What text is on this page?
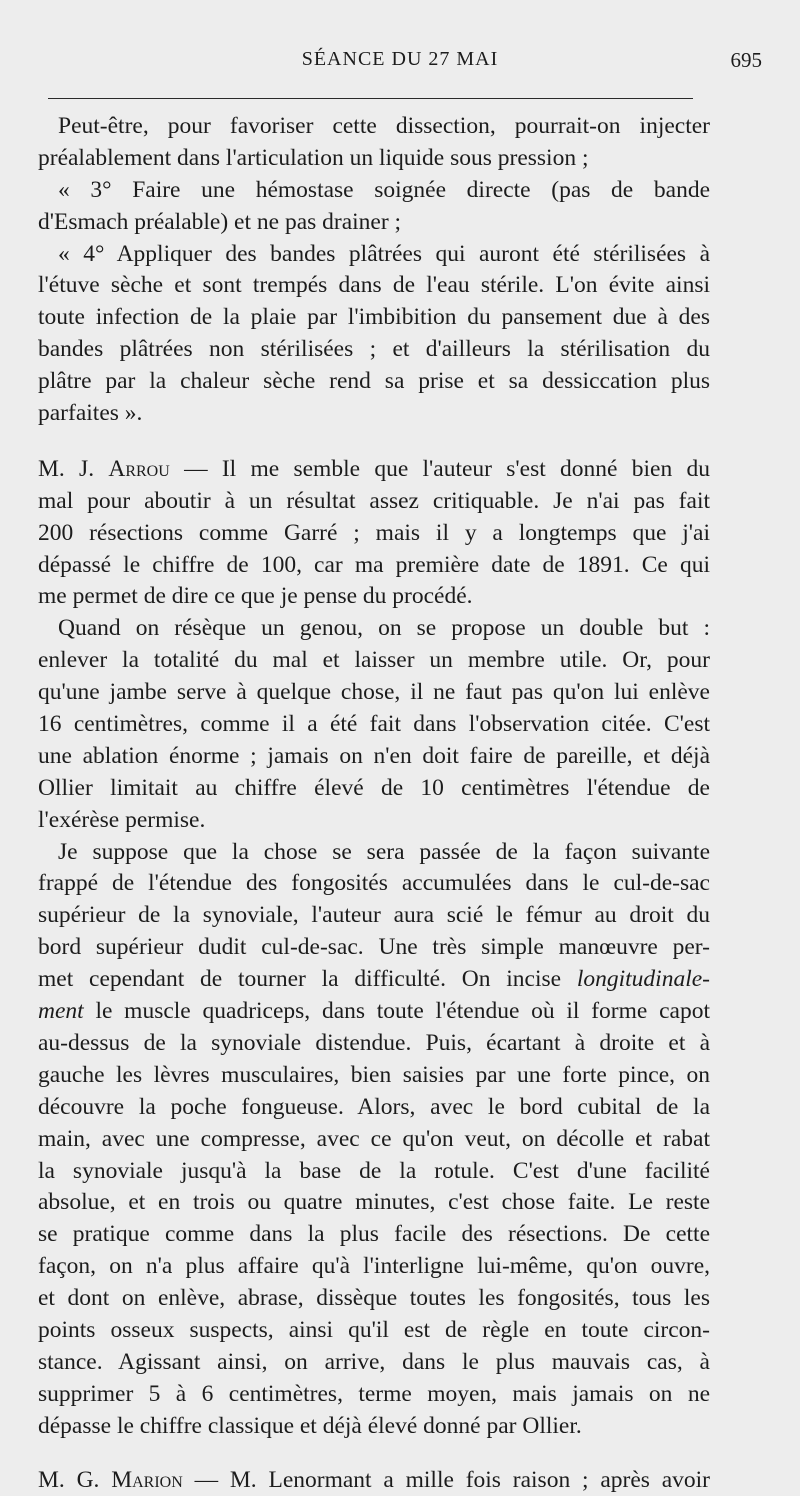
SÉANCE DU 27 MAI	695
Peut-être, pour favoriser cette dissection, pourrait-on injecter
préalablement dans l'articulation un liquide sous pression ;
« 3° Faire une hémostase soignée directe (pas de bande
d'Esmach préalable) et ne pas drainer ;
« 4° Appliquer des bandes plâtrées qui auront été stérilisées à
l'étuve sèche et sont trempés dans de l'eau stérile. L'on évite ainsi
toute infection de la plaie par l'imbibition du pansement due à des
bandes plâtrées non stérilisées ; et d'ailleurs la stérilisation du
plâtre par la chaleur sèche rend sa prise et sa dessiccation plus
parfaites ».
M. J. Arrou — Il me semble que l'auteur s'est donné bien du
mal pour aboutir à un résultat assez critiquable. Je n'ai pas fait
200 résections comme Garré ; mais il y a longtemps que j'ai
dépassé le chiffre de 100, car ma première date de 1891. Ce qui
me permet de dire ce que je pense du procédé.
Quand on résèque un genou, on se propose un double but :
enlever la totalité du mal et laisser un membre utile. Or, pour
qu'une jambe serve à quelque chose, il ne faut pas qu'on lui enlève
16 centimètres, comme il a été fait dans l'observation citée. C'est
une ablation énorme ; jamais on n'en doit faire de pareille, et déjà
Ollier limitait au chiffre élevé de 10 centimètres l'étendue de
l'exérèse permise.
Je suppose que la chose se sera passée de la façon suivante
frappé de l'étendue des fongosités accumulées dans le cul-de-sac
supérieur de la synoviale, l'auteur aura scié le fémur au droit du
bord supérieur dudit cul-de-sac. Une très simple manœuvre per-
met cependant de tourner la difficulté. On incise longitudinale-
ment le muscle quadriceps, dans toute l'étendue où il forme capot
au-dessus de la synoviale distendue. Puis, écartant à droite et à
gauche les lèvres musculaires, bien saisies par une forte pince, on
découvre la poche fongueuse. Alors, avec le bord cubital de la
main, avec une compresse, avec ce qu'on veut, on décolle et rabat
la synoviale jusqu'à la base de la rotule. C'est d'une facilité
absolue, et en trois ou quatre minutes, c'est chose faite. Le reste
se pratique comme dans la plus facile des résections. De cette
façon, on n'a plus affaire qu'à l'interligne lui-même, qu'on ouvre,
et dont on enlève, abrase, dissèque toutes les fongosités, tous les
points osseux suspects, ainsi qu'il est de règle en toute circon-
stance. Agissant ainsi, on arrive, dans le plus mauvais cas, à
supprimer 5 à 6 centimètres, terme moyen, mais jamais on ne
dépasse le chiffre classique et déjà élevé donné par Ollier.
M. G. Marion — M. Lenormant a mille fois raison ; après avoir
